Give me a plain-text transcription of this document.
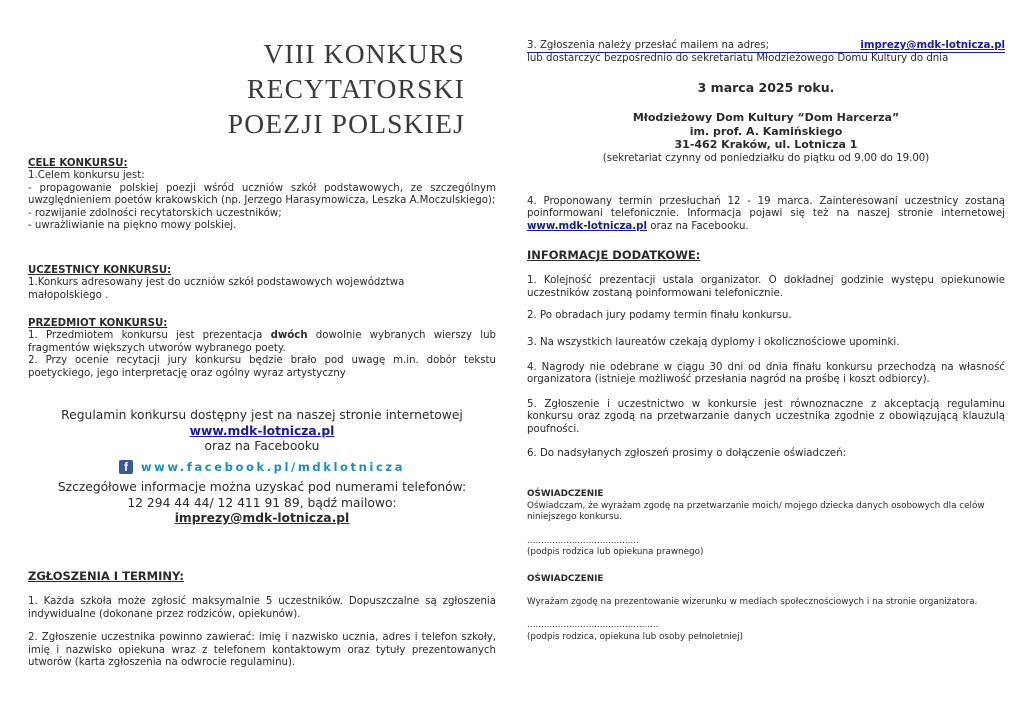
VIII KONKURS
RECYTATORSKI
POEZJI POLSKIEJ
CELE KONKURSU:
1.Celem konkursu jest:
- propagowanie polskiej poezji wśród uczniów szkół podstawowych, ze szczególnym uwzględnieniem poetów krakowskich (np. Jerzego Harasymowicza, Leszka A.Moczulskiego);
- rozwijanie zdolności recytatorskich uczestników;
- uwrażliwianie na piękno mowy polskiej.
UCZESTNICY KONKURSU:
1.Konkurs adresowany jest do uczniów szkół podstawowych województwa małopolskiego .
PRZEDMIOT KONKURSU:
1. Przedmiotem konkursu jest prezentacja dwóch dowolnie wybranych wierszy lub fragmentów większych utworów wybranego poety.
2. Przy ocenie recytacji jury konkursu będzie brało pod uwagę m.in. dobór tekstu poetyckiego, jego interpretację oraz ogólny wyraz artystyczny
Regulamin konkursu dostępny jest na naszej stronie internetowej
www.mdk-lotnicza.pl
oraz na Facebooku
f	www.facebook.pl/mdklotnicza
Szczegółowe informacje można uzyskać pod numerami telefonów:
12 294 44 44/ 12 411 91 89, bądź mailowo:
imprezy@mdk-lotnicza.pl
ZGŁOSZENIA I TERMINY:
1. Każda szkoła może zgłosić maksymalnie 5 uczestników. Dopuszczalne są zgłoszenia indywidualne (dokonane przez rodziców, opiekunów).
2. Zgłoszenie uczestnika powinno zawierać: imię i nazwisko ucznia, adres i telefon szkoły, imię i nazwisko opiekuna wraz z telefonem kontaktowym oraz tytuły prezentowanych utworów (karta zgłoszenia na odwrocie regulaminu).
3. Zgłoszenia należy przesłać mailem na adres;	imprezy@mdk-lotnicza.pl
lub dostarczyć bezpośrednio do sekretariatu Młodzieżowego Domu Kultury do dnia
3 marca 2025 roku.
Młodzieżowy Dom Kultury “Dom Harcerza”
im. prof. A. Kamińskiego
31-462 Kraków, ul. Lotnicza 1
(sekretariat czynny od poniedziałku do piątku od 9.00 do 19.00)
4. Proponowany termin przesłuchań 12 - 19 marca. Zainteresowani uczestnicy zostaną poinformowani telefonicznie. Informacja pojawi się też na naszej stronie internetowej www.mdk-lotnicza.pl oraz na Facebooku.
INFORMACJE DODATKOWE:
1. Kolejność prezentacji ustala organizator. O dokładnej godzinie występu opiekunowie uczestników zostaną poinformowani telefonicznie.
2. Po obradach jury podamy termin finału konkursu.
3. Na wszystkich laureatów czekają dyplomy i okolicznościowe upominki.
4. Nagrody nie odebrane w ciągu 30 dni od dnia finału konkursu przechodzą na własność organizatora (istnieje możliwość przesłania nagród na prośbę i koszt odbiorcy).
5. Zgłoszenie i uczestnictwo w konkursie jest równoznaczne z akceptacją regulaminu konkursu oraz zgodą na przetwarzanie danych uczestnika zgodnie z obowiązującą klauzulą poufności.
6. Do nadsyłanych zgłoszeń prosimy o dołączenie oświadczeń:
OŚWIADCZENIE
Oświadczam, że wyrażam zgodę na przetwarzanie moich/ mojego dziecka danych osobowych dla celów niniejszego konkursu.
........................................
(podpis rodzica lub opiekuna prawnego)
OŚWIADCZENIE
Wyrażam zgodę na prezentowanie wizerunku w mediach społecznościowych i na stronie organizatora.
...............................................
(podpis rodzica, opiekuna lub osoby pełnoletniej)
